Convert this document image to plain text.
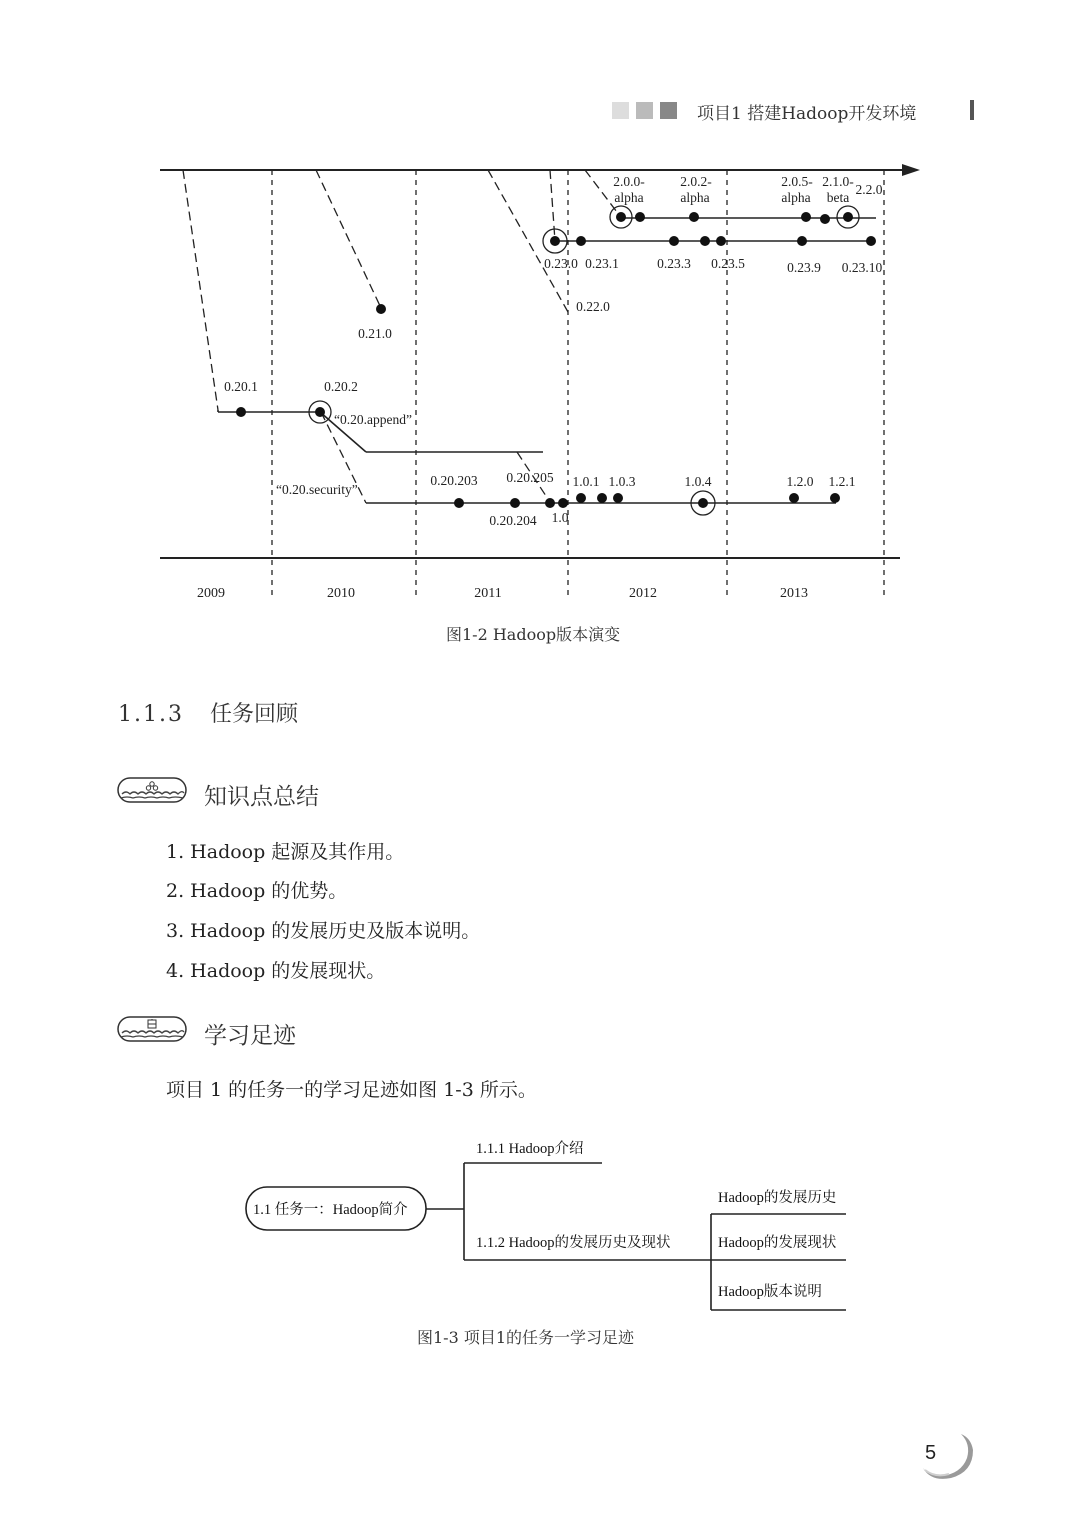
项目1 搭建Hadoop开发环境
0.21.0
0.20.1	0.20.2
“0.20.append”
“0.20.security”
0.20.203
0.20.204
0.20.205
1.0
1.0.1 1.0.3	1.0.4	1.2.0 1.2.1
0.22.0
0.23.0 0.23.1	0.23.3 0.23.5	0.23.9 0.23.10
2.0.0-
alpha
2.0.2-
alpha
2.0.5-
alpha
2.1.0-
beta
2.2.0
2009	2010	2011	2012	2013
图1-2 Hadoop版本演变
1.1.3 任务回顾
知识点总结
1. Hadoop 起源及其作用。
2. Hadoop 的优势。
3. Hadoop 的发展历史及版本说明。
4. Hadoop 的发展现状。
学习足迹
项目 1 的任务一的学习足迹如图 1-3 所示。
1.1 任务一：Hadoop简介
1.1.1 Hadoop介绍
1.1.2 Hadoop的发展历史及现状
Hadoop的发展历史
Hadoop的发展现状
Hadoop版本说明
图1-3 项目1的任务一学习足迹
5
